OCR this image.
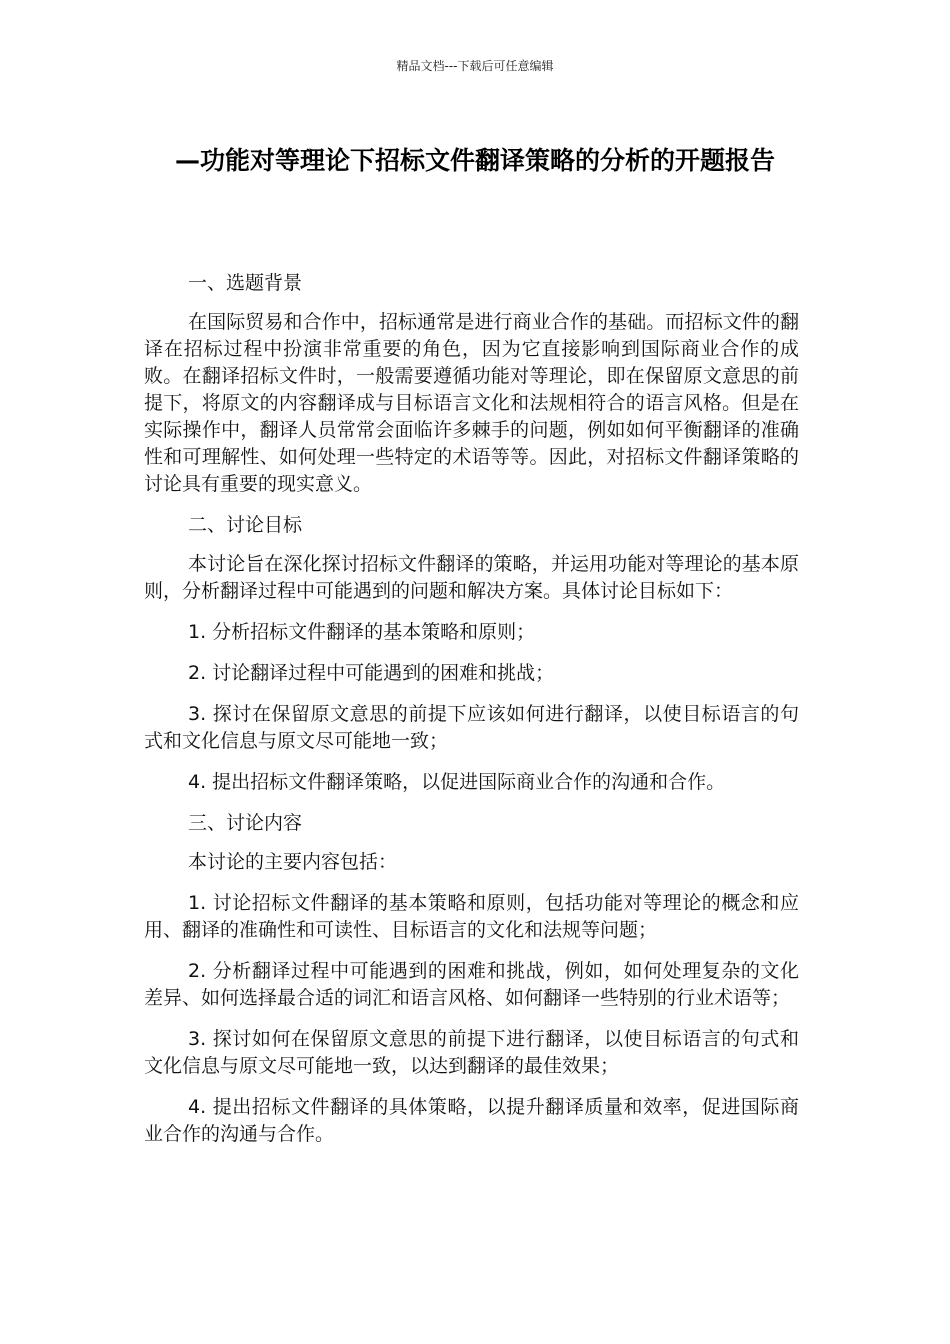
精品文档---下载后可任意编辑
—功能对等理论下招标文件翻译策略的分析的开题报告

一、选题背景

在国际贸易和合作中，招标通常是进行商业合作的基础。而招标文件的翻译在招标过程中扮演非常重要的角色，因为它直接影响到国际商业合作的成败。在翻译招标文件时，一般需要遵循功能对等理论，即在保留原文意思的前提下，将原文的内容翻译成与目标语言文化和法规相符合的语言风格。但是在实际操作中，翻译人员常常会面临许多棘手的问题，例如如何平衡翻译的准确性和可理解性、如何处理一些特定的术语等等。因此，对招标文件翻译策略的讨论具有重要的现实意义。

二、讨论目标

本讨论旨在深化探讨招标文件翻译的策略，并运用功能对等理论的基本原则，分析翻译过程中可能遇到的问题和解决方案。具体讨论目标如下：

1. 分析招标文件翻译的基本策略和原则；

2. 讨论翻译过程中可能遇到的困难和挑战；

3. 探讨在保留原文意思的前提下应该如何进行翻译，以使目标语言的句式和文化信息与原文尽可能地一致；

4. 提出招标文件翻译策略，以促进国际商业合作的沟通和合作。

三、讨论内容

本讨论的主要内容包括：

1. 讨论招标文件翻译的基本策略和原则，包括功能对等理论的概念和应用、翻译的准确性和可读性、目标语言的文化和法规等问题；

2. 分析翻译过程中可能遇到的困难和挑战，例如，如何处理复杂的文化差异、如何选择最合适的词汇和语言风格、如何翻译一些特别的行业术语等；

3. 探讨如何在保留原文意思的前提下进行翻译，以使目标语言的句式和文化信息与原文尽可能地一致，以达到翻译的最佳效果；

4. 提出招标文件翻译的具体策略，以提升翻译质量和效率，促进国际商业合作的沟通与合作。
